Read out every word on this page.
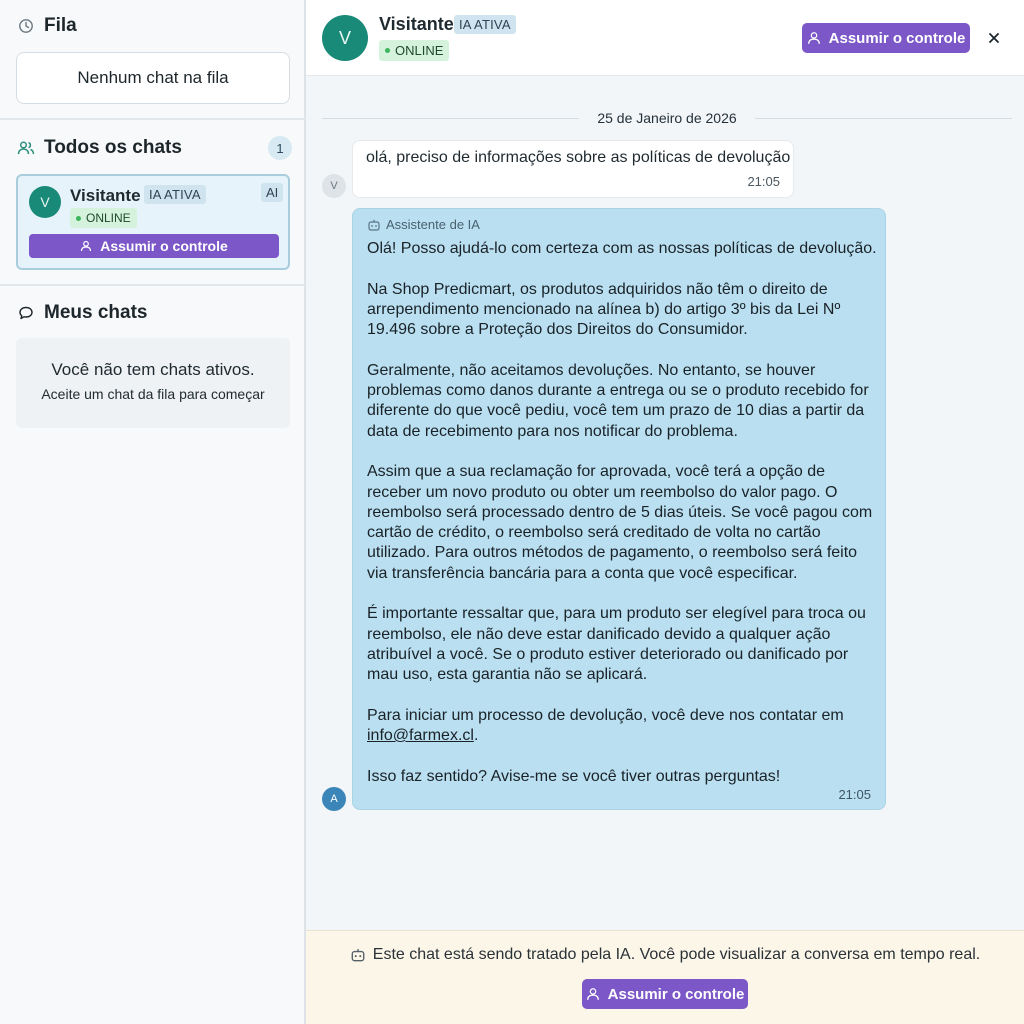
Fila
Nenhum chat na fila
Todos os chats	1
V	Visitante IA ATIVA	AI
ONLINE
Assumir o controle
Meus chats
Você não tem chats ativos.
Aceite um chat da fila para começar
V
Visitante IA ATIVA
ONLINE
Assumir o controle
25 de Janeiro de 2026
V
olá, preciso de informações sobre as políticas de devolução
21:05
A
Assistente de IA

Olá! Posso ajudá-lo com certeza com as nossas políticas de devolução.

Na Shop Predicmart, os produtos adquiridos não têm o direito de arrependimento mencionado na alínea b) do artigo 3º bis da Lei Nº 19.496 sobre a Proteção dos Direitos do Consumidor.

Geralmente, não aceitamos devoluções. No entanto, se houver problemas como danos durante a entrega ou se o produto recebido for diferente do que você pediu, você tem um prazo de 10 dias a partir da data de recebimento para nos notificar do problema.

Assim que a sua reclamação for aprovada, você terá a opção de receber um novo produto ou obter um reembolso do valor pago. O reembolso será processado dentro de 5 dias úteis. Se você pagou com cartão de crédito, o reembolso será creditado de volta no cartão utilizado. Para outros métodos de pagamento, o reembolso será feito via transferência bancária para a conta que você especificar.

É importante ressaltar que, para um produto ser elegível para troca ou reembolso, ele não deve estar danificado devido a qualquer ação atribuível a você. Se o produto estiver deteriorado ou danificado por mau uso, esta garantia não se aplicará.

Para iniciar um processo de devolução, você deve nos contatar em info@farmex.cl.

Isso faz sentido? Avise-me se você tiver outras perguntas!

21:05
Este chat está sendo tratado pela IA. Você pode visualizar a conversa em tempo real.
Assumir o controle
